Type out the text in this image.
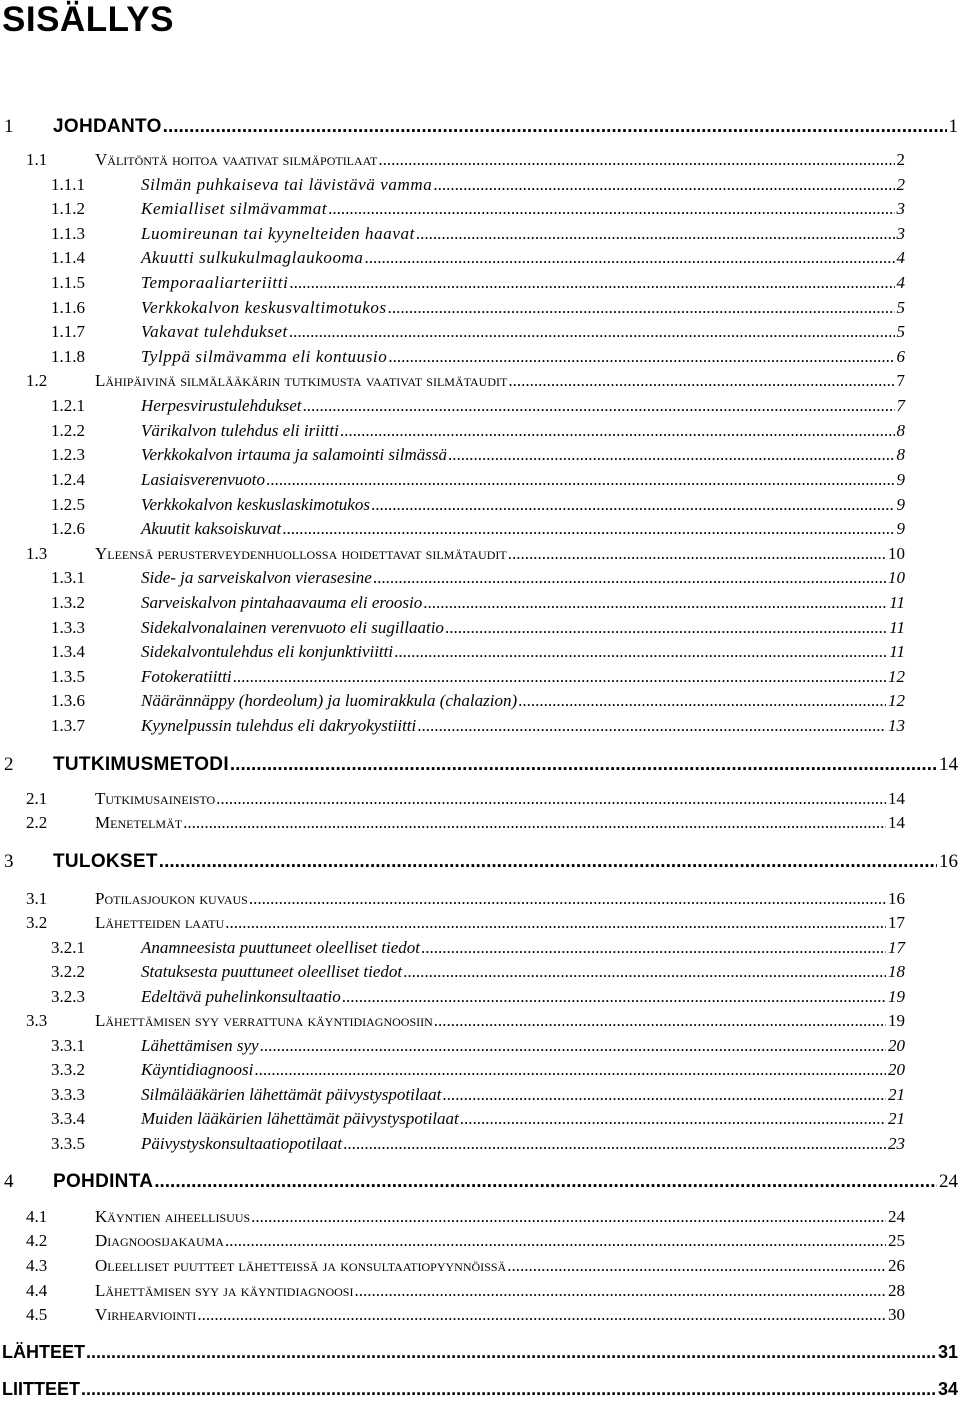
SISÄLLYS
1	JOHDANTO .....	1
1.1	Välitöntä hoitoa vaativat silmäpotilaat .....	2
1.1.1	Silmän puhkaiseva tai lävistävä vamma .....	2
1.1.2	Kemialliset silmävammat .....	3
1.1.3	Luomireunan tai kyynelteiden haavat .....	3
1.1.4	Akuutti sulkukulmaglaukooma .....	4
1.1.5	Temporaaliarteriitti .....	4
1.1.6	Verkkokalvon keskusvaltimotukos .....	5
1.1.7	Vakavat tulehdukset .....	5
1.1.8	Tylppä silmävamma eli kontuusio .....	6
1.2	Lähipäivinä silmälääkärin tutkimusta vaativat silmätaudit .....	7
1.2.1	Herpesvirustulehdukset .....	7
1.2.2	Värikalvon tulehdus eli iriitti .....	8
1.2.3	Verkkokalvon irtauma ja salamointi silmässä .....	8
1.2.4	Lasiaisverenvuoto .....	9
1.2.5	Verkkokalvon keskuslaskimotukos .....	9
1.2.6	Akuutit kaksoiskuvat .....	9
1.3	Yleensä perusterveydenhuollossa hoidettavat silmätaudit .....	10
1.3.1	Side- ja sarveiskalvon vierasesine .....	10
1.3.2	Sarveiskalvon pintahaavauma eli eroosio .....	11
1.3.3	Sidekalvonalainen verenvuoto eli sugillaatio .....	11
1.3.4	Sidekalvontulehdus eli konjunktiviitti .....	11
1.3.5	Fotokeratiitti .....	12
1.3.6	Näärännäppy (hordeolum) ja luomirakkula (chalazion) .....	12
1.3.7	Kyynelpussin tulehdus eli dakryokystiitti .....	13
2	TUTKIMUSMETODI .....	14
2.1	Tutkimusaineisto .....	14
2.2	Menetelmät .....	14
3	TULOKSET .....	16
3.1	Potilasjoukon kuvaus .....	16
3.2	Lähetteiden laatu .....	17
3.2.1	Anamneesista puuttuneet oleelliset tiedot .....	17
3.2.2	Statuksesta puuttuneet oleelliset tiedot .....	18
3.2.3	Edeltävä puhelinkonsultaatio .....	19
3.3	Lähettämisen syy verrattuna käyntidiagnoosiin .....	19
3.3.1	Lähettämisen syy .....	20
3.3.2	Käyntidiagnoosi .....	20
3.3.3	Silmälääkärien lähettämät päivystyspotilaat .....	21
3.3.4	Muiden lääkärien lähettämät päivystyspotilaat .....	21
3.3.5	Päivystyskonsultaatiopotilaat .....	23
4	POHDINTA .....	24
4.1	Käyntien aiheellisuus .....	24
4.2	Diagnoosijakauma .....	25
4.3	Oleelliset puutteet lähetteissä ja konsultaatiopyynnöissä .....	26
4.4	Lähettämisen syy ja käyntidiagnoosi .....	28
4.5	Virhearviointi .....	30
LÄHTEET .....	31
LIITTEET .....	34
